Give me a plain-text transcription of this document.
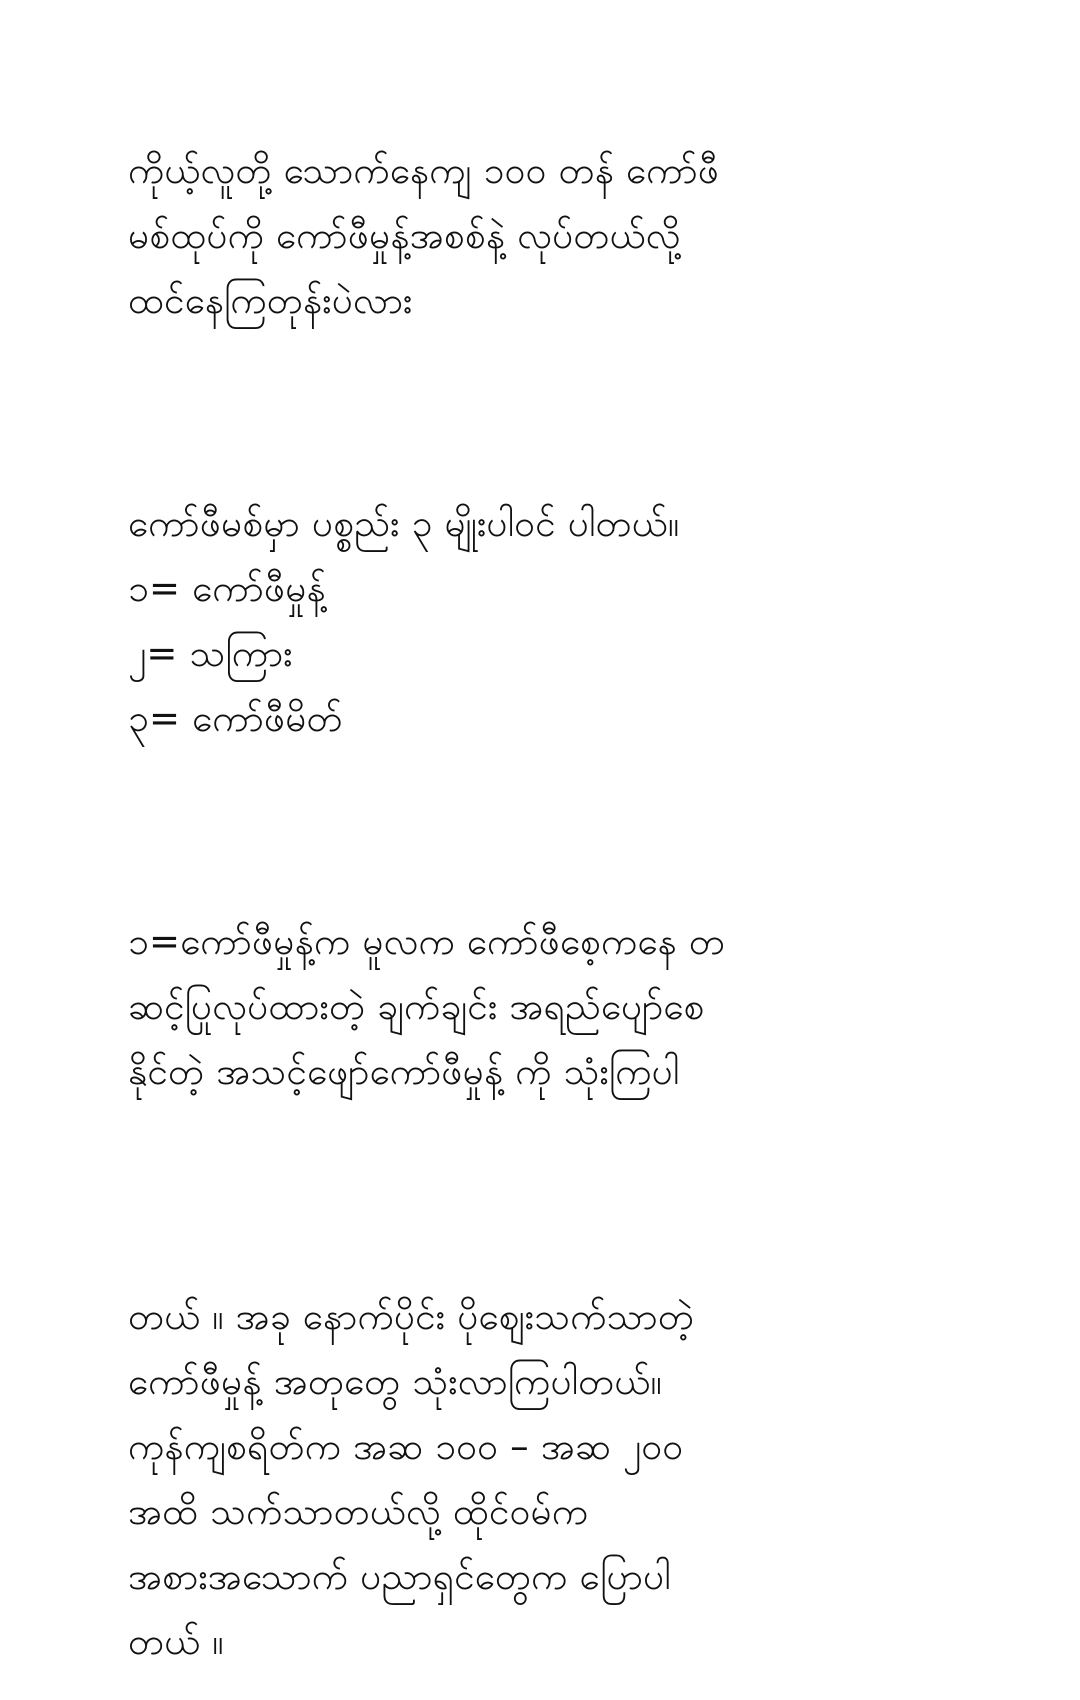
ကိုယ့်လူတို့ သောက်နေကျ ၁၀၀ တန် ကော်ဖီ
မစ်ထုပ်ကို ကော်ဖီမှုန့်အစစ်နဲ့ လုပ်တယ်လို့
ထင်နေကြတုန်းပဲလား
ကော်ဖီမစ်မှာ ပစ္စည်း ၃ မျိုးပါဝင် ပါတယ်။
၁= ကော်ဖီမှုန့်
၂= သကြား
၃= ကော်ဖီမိတ်
၁=ကော်ဖီမှုန့်က မူလက ကော်ဖီစေ့ကနေ တ
ဆင့်ပြုလုပ်ထားတဲ့ ချက်ချင်း အရည်ပျော်စေ
နိုင်တဲ့ အသင့်ဖျော်ကော်ဖီမှုန့် ကို သုံးကြပါ
တယ် ။ အခု နောက်ပိုင်း ပိုဈေးသက်သာတဲ့
ကော်ဖီမှုန့် အတုတွေ သုံးလာကြပါတယ်။
ကုန်ကျစရိတ်က အဆ ၁၀၀ – အဆ ၂၀၀
အထိ သက်သာတယ်လို့ ထိုင်ဝမ်က
အစားအသောက် ပညာရှင်တွေက ပြောပါ
တယ် ။
